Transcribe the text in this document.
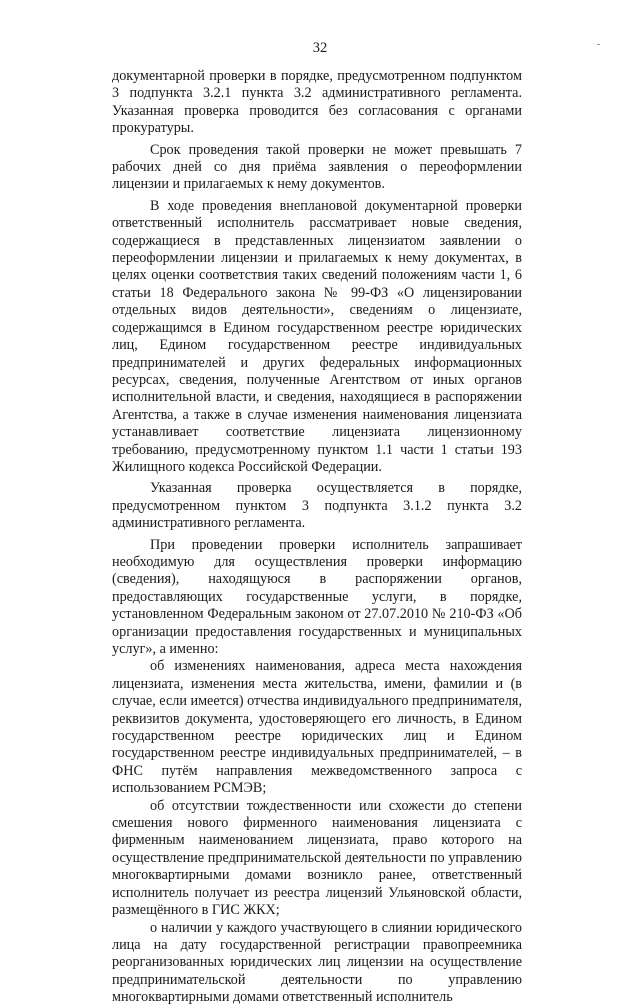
32

документарной проверки в порядке, предусмотренном подпунктом 3 подпункта 3.2.1 пункта 3.2 административного регламента. Указанная проверка проводится без согласования с органами прокуратуры.

Срок проведения такой проверки не может превышать 7 рабочих дней со дня приёма заявления о переоформлении лицензии и прилагаемых к нему документов.

В ходе проведения внеплановой документарной проверки ответственный исполнитель рассматривает новые сведения, содержащиеся в представленных лицензиатом заявлении о переоформлении лицензии и прилагаемых к нему документах, в целях оценки соответствия таких сведений положениям части 1, 6 статьи 18 Федерального закона № 99-ФЗ «О лицензировании отдельных видов деятельности», сведениям о лицензиате, содержащимся в Едином государственном реестре юридических лиц, Едином государственном реестре индивидуальных предпринимателей и других федеральных информационных ресурсах, сведения, полученные Агентством от иных органов исполнительной власти, и сведения, находящиеся в распоряжении Агентства, а также в случае изменения наименования лицензиата устанавливает соответствие лицензиата лицензионному требованию, предусмотренному пунктом 1.1 части 1 статьи 193 Жилищного кодекса Российской Федерации.

Указанная проверка осуществляется в порядке, предусмотренном пунктом 3 подпункта 3.1.2 пункта 3.2 административного регламента.

При проведении проверки исполнитель запрашивает необходимую для осуществления проверки информацию (сведения), находящуюся в распоряжении органов, предоставляющих государственные услуги, в порядке, установленном Федеральным законом от 27.07.2010 № 210-ФЗ «Об организации предоставления государственных и муниципальных услуг», а именно:

об изменениях наименования, адреса места нахождения лицензиата, изменения места жительства, имени, фамилии и (в случае, если имеется) отчества индивидуального предпринимателя, реквизитов документа, удостоверяющего его личность, в Едином государственном реестре юридических лиц и Едином государственном реестре индивидуальных предпринимателей, – в ФНС путём направления межведомственного запроса с использованием РСМЭВ;

об отсутствии тождественности или схожести до степени смешения нового фирменного наименования лицензиата с фирменным наименованием лицензиата, право которого на осуществление предпринимательской деятельности по управлению многоквартирными домами возникло ранее, ответственный исполнитель получает из реестра лицензий Ульяновской области, размещённого в ГИС ЖКХ;

о наличии у каждого участвующего в слиянии юридического лица на дату государственной регистрации правопреемника реорганизованных юридических лиц лицензии на осуществление предпринимательской деятельности по управлению многоквартирными домами ответственный исполнитель
